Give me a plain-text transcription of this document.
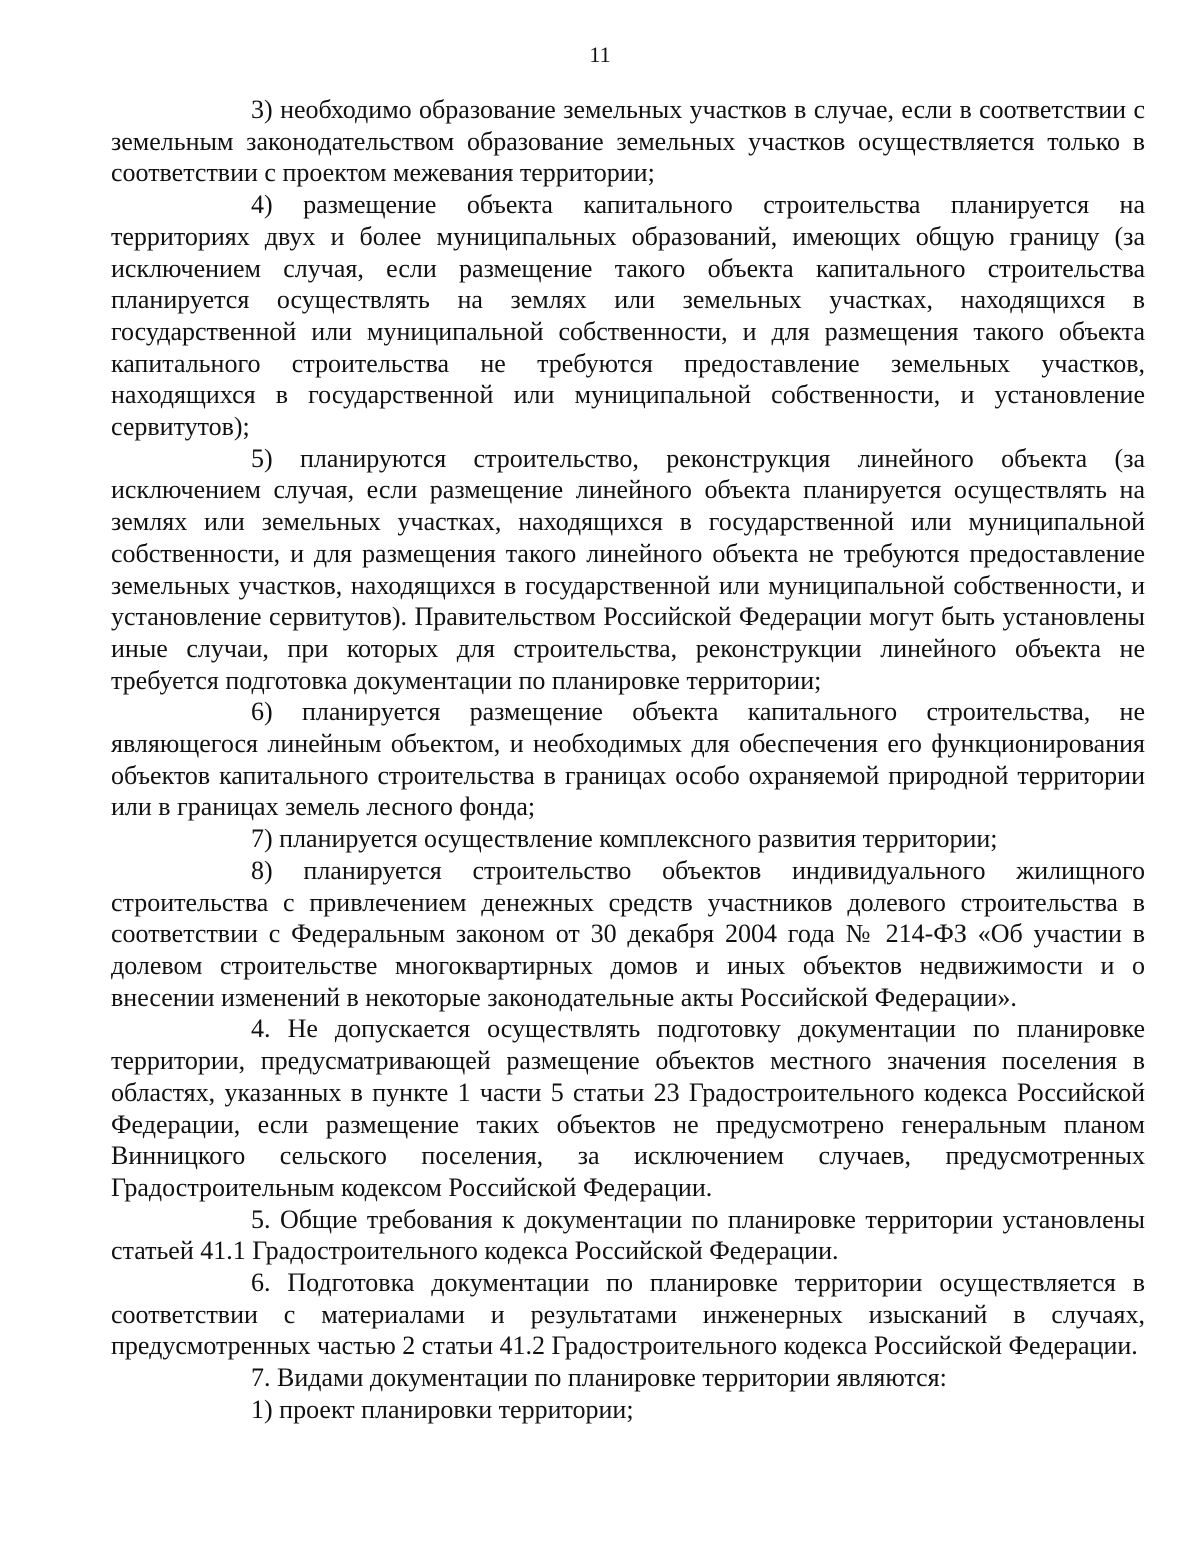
11

3) необходимо образование земельных участков в случае, если в соответствии с земельным законодательством образование земельных участков осуществляется только в соответствии с проектом межевания территории;

4) размещение объекта капитального строительства планируется на территориях двух и более муниципальных образований, имеющих общую границу (за исключением случая, если размещение такого объекта капитального строительства планируется осуществлять на землях или земельных участках, находящихся в государственной или муниципальной собственности, и для размещения такого объекта капитального строительства не требуются предоставление земельных участков, находящихся в государственной или муниципальной собственности, и установление сервитутов);

5) планируются строительство, реконструкция линейного объекта (за исключением случая, если размещение линейного объекта планируется осуществлять на землях или земельных участках, находящихся в государственной или муниципальной собственности, и для размещения такого линейного объекта не требуются предоставление земельных участков, находящихся в государственной или муниципальной собственности, и установление сервитутов). Правительством Российской Федерации могут быть установлены иные случаи, при которых для строительства, реконструкции линейного объекта не требуется подготовка документации по планировке территории;

6) планируется размещение объекта капитального строительства, не являющегося линейным объектом, и необходимых для обеспечения его функционирования объектов капитального строительства в границах особо охраняемой природной территории или в границах земель лесного фонда;

7) планируется осуществление комплексного развития территории;

8) планируется строительство объектов индивидуального жилищного строительства с привлечением денежных средств участников долевого строительства в соответствии с Федеральным законом от 30 декабря 2004 года № 214-ФЗ «Об участии в долевом строительстве многоквартирных домов и иных объектов недвижимости и о внесении изменений в некоторые законодательные акты Российской Федерации».

4. Не допускается осуществлять подготовку документации по планировке территории, предусматривающей размещение объектов местного значения поселения в областях, указанных в пункте 1 части 5 статьи 23 Градостроительного кодекса Российской Федерации, если размещение таких объектов не предусмотрено генеральным планом Винницкого сельского поселения, за исключением случаев, предусмотренных Градостроительным кодексом Российской Федерации.

5. Общие требования к документации по планировке территории установлены статьей 41.1 Градостроительного кодекса Российской Федерации.

6. Подготовка документации по планировке территории осуществляется в соответствии с материалами и результатами инженерных изысканий в случаях, предусмотренных частью 2 статьи 41.2 Градостроительного кодекса Российской Федерации.

7. Видами документации по планировке территории являются:

1) проект планировки территории;
